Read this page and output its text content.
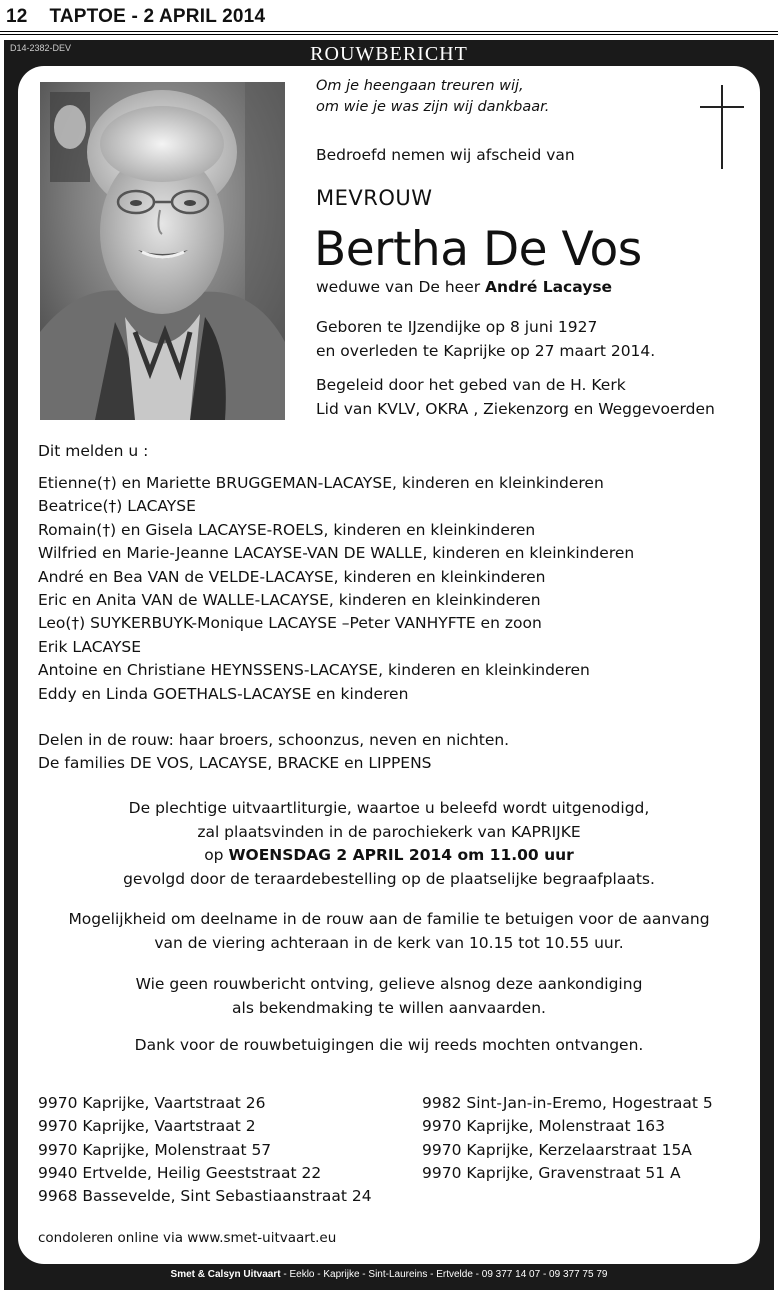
12 TAPTOE - 2 APRIL 2014
D14-2382-DEV	ROUWBERICHT
Om je heengaan treuren wij,
om wie je was zijn wij dankbaar.
Bedroefd nemen wij afscheid van
MEVROUW
Bertha De Vos
weduwe van De heer André Lacayse
Geboren te IJzendijke op 8 juni 1927
en overleden te Kaprijke op 27 maart 2014.
Begeleid door het gebed van de H. Kerk
Lid van KVLV, OKRA , Ziekenzorg en Weggevoerden
Dit melden u :
Etienne(†) en Mariette BRUGGEMAN-LACAYSE, kinderen en kleinkinderen
Beatrice(†) LACAYSE
Romain(†) en Gisela LACAYSE-ROELS, kinderen en kleinkinderen
Wilfried en Marie-Jeanne LACAYSE-VAN DE WALLE, kinderen en kleinkinderen
André en Bea VAN de VELDE-LACAYSE, kinderen en kleinkinderen
Eric en Anita VAN de WALLE-LACAYSE, kinderen en kleinkinderen
Leo(†) SUYKERBUYK-Monique LACAYSE –Peter VANHYFTE en zoon
Erik LACAYSE
Antoine en Christiane HEYNSSENS-LACAYSE, kinderen en kleinkinderen
Eddy en Linda GOETHALS-LACAYSE en kinderen
Delen in de rouw: haar broers, schoonzus, neven en nichten.
De families DE VOS, LACAYSE, BRACKE en LIPPENS
De plechtige uitvaartliturgie, waartoe u beleefd wordt uitgenodigd,
zal plaatsvinden in de parochiekerk van KAPRIJKE
op WOENSDAG 2 APRIL 2014 om 11.00 uur
gevolgd door de teraardebestelling op de plaatselijke begraafplaats.
Mogelijkheid om deelname in de rouw aan de familie te betuigen voor de aanvang
van de viering achteraan in de kerk van 10.15 tot 10.55 uur.
Wie geen rouwbericht ontving, gelieve alsnog deze aankondiging
als bekendmaking te willen aanvaarden.
Dank voor de rouwbetuigingen die wij reeds mochten ontvangen.
9970 Kaprijke, Vaartstraat 26
9970 Kaprijke, Vaartstraat 2
9970 Kaprijke, Molenstraat 57
9940 Ertvelde, Heilig Geeststraat 22
9968 Bassevelde, Sint Sebastiaanstraat 24
9982 Sint-Jan-in-Eremo, Hogestraat 5
9970 Kaprijke, Molenstraat 163
9970 Kaprijke, Kerzelaarstraat 15A
9970 Kaprijke, Gravenstraat 51 A
condoleren online via www.smet-uitvaart.eu
Smet & Calsyn Uitvaart - Eeklo - Kaprijke - Sint-Laureins - Ertvelde - 09 377 14 07 - 09 377 75 79
